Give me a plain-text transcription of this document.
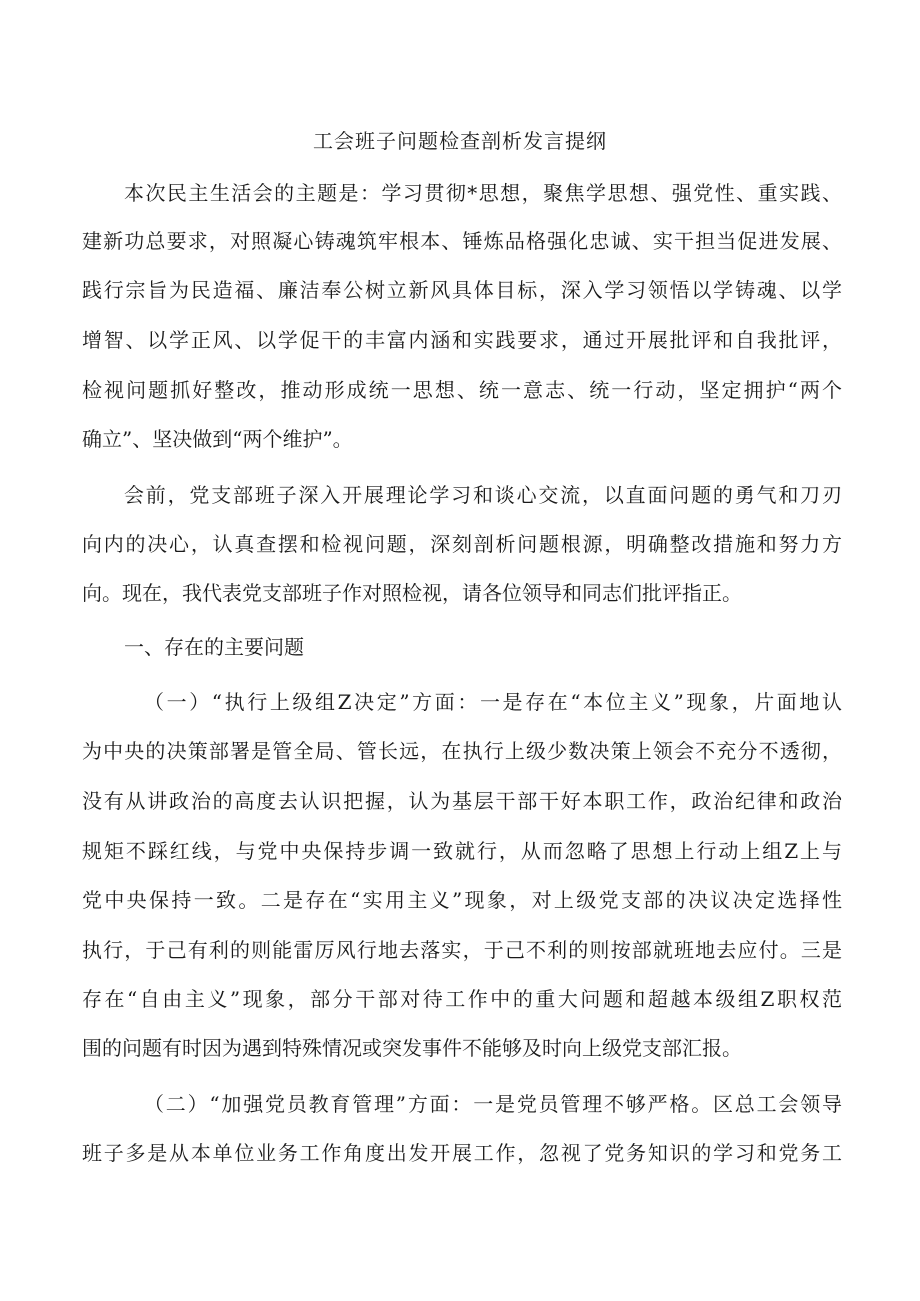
工会班子问题检查剖析发言提纲
本次民主生活会的主题是：学习贯彻*思想，聚焦学思想、强党性、重实践、
建新功总要求，对照凝心铸魂筑牢根本、锤炼品格强化忠诚、实干担当促进发展、
践行宗旨为民造福、廉洁奉公树立新风具体目标，深入学习领悟以学铸魂、以学
增智、以学正风、以学促干的丰富内涵和实践要求，通过开展批评和自我批评，
检视问题抓好整改，推动形成统一思想、统一意志、统一行动，坚定拥护“两个
确立”、坚决做到“两个维护”。
会前，党支部班子深入开展理论学习和谈心交流，以直面问题的勇气和刀刃
向内的决心，认真查摆和检视问题，深刻剖析问题根源，明确整改措施和努力方
向。现在，我代表党支部班子作对照检视，请各位领导和同志们批评指正。
一、存在的主要问题
（一）“执行上级组Z决定”方面：一是存在“本位主义”现象，片面地认
为中央的决策部署是管全局、管长远，在执行上级少数决策上领会不充分不透彻，
没有从讲政治的高度去认识把握，认为基层干部干好本职工作，政治纪律和政治
规矩不踩红线，与党中央保持步调一致就行，从而忽略了思想上行动上组Z上与
党中央保持一致。二是存在“实用主义”现象，对上级党支部的决议决定选择性
执行，于己有利的则能雷厉风行地去落实，于己不利的则按部就班地去应付。三是
存在“自由主义”现象，部分干部对待工作中的重大问题和超越本级组Z职权范
围的问题有时因为遇到特殊情况或突发事件不能够及时向上级党支部汇报。
（二）“加强党员教育管理”方面：一是党员管理不够严格。区总工会领导
班子多是从本单位业务工作角度出发开展工作，忽视了党务知识的学习和党务工
